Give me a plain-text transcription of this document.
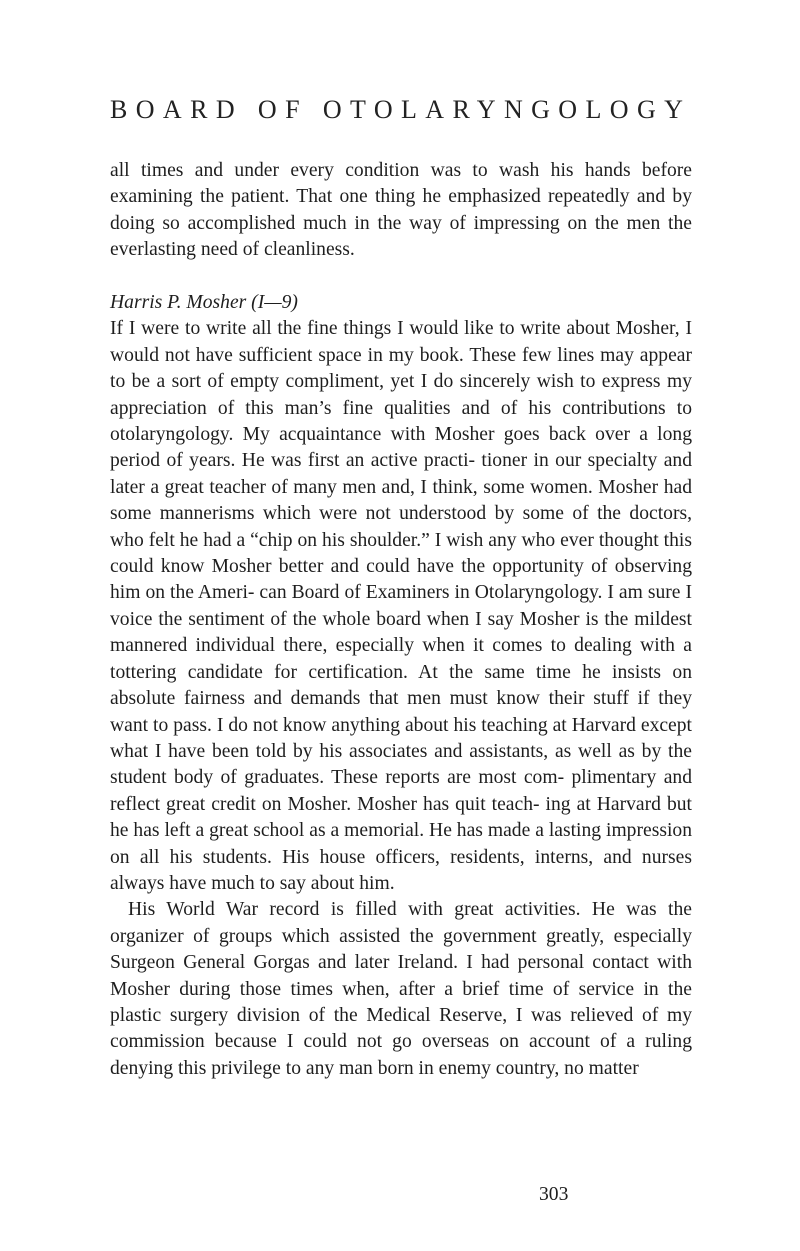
BOARD OF OTOLARYNGOLOGY

all times and under every condition was to wash his hands before examining the patient. That one thing he emphasized repeatedly and by doing so accomplished much in the way of impressing on the men the everlasting need of cleanliness.

Harris P. Mosher (I—9)

If I were to write all the fine things I would like to write about Mosher, I would not have sufficient space in my book. These few lines may appear to be a sort of empty compliment, yet I do sincerely wish to express my appreciation of this man’s fine qualities and of his contributions to otolaryngology. My acquaintance with Mosher goes back over a long period of years. He was first an active practi- tioner in our specialty and later a great teacher of many men and, I think, some women. Mosher had some mannerisms which were not understood by some of the doctors, who felt he had a “chip on his shoulder.” I wish any who ever thought this could know Mosher better and could have the opportunity of observing him on the Ameri- can Board of Examiners in Otolaryngology. I am sure I voice the sentiment of the whole board when I say Mosher is the mildest mannered individual there, especially when it comes to dealing with a tottering candidate for certification. At the same time he insists on absolute fairness and demands that men must know their stuff if they want to pass. I do not know anything about his teaching at Harvard except what I have been told by his associates and assistants, as well as by the student body of graduates. These reports are most com- plimentary and reflect great credit on Mosher. Mosher has quit teach- ing at Harvard but he has left a great school as a memorial. He has made a lasting impression on all his students. His house officers, residents, interns, and nurses always have much to say about him.

His World War record is filled with great activities. He was the organizer of groups which assisted the government greatly, especially Surgeon General Gorgas and later Ireland. I had personal contact with Mosher during those times when, after a brief time of service in the plastic surgery division of the Medical Reserve, I was relieved of my commission because I could not go overseas on account of a ruling denying this privilege to any man born in enemy country, no matter

303
